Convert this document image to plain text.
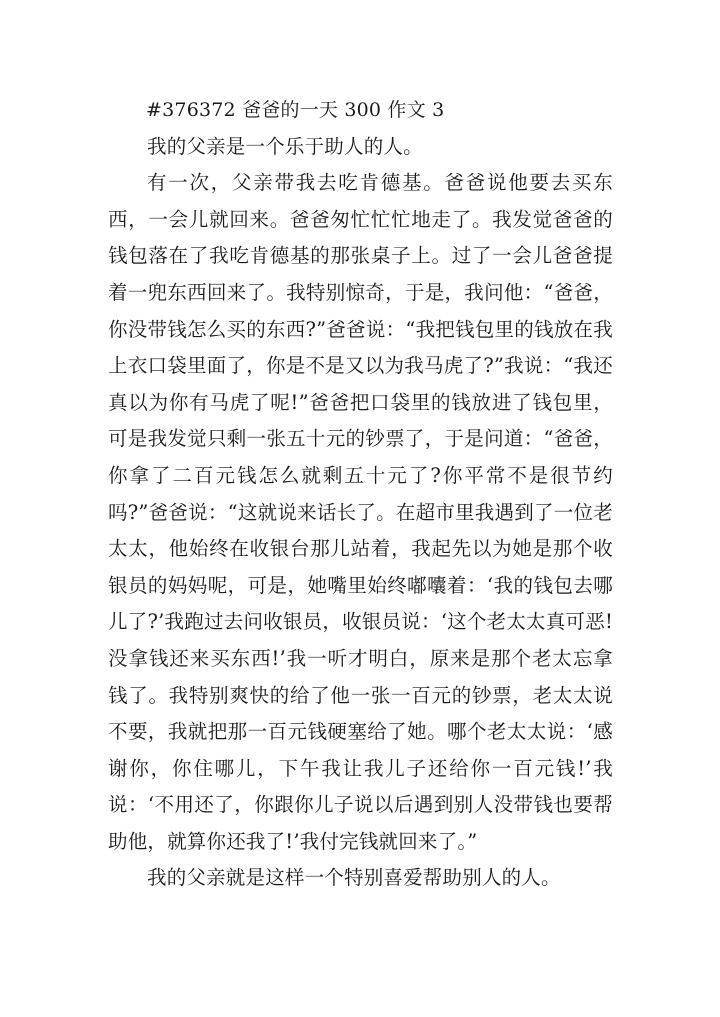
#376372 爸爸的一天 300 作文 3

我的父亲是一个乐于助人的人。

有一次，父亲带我去吃肯德基。爸爸说他要去买东西，一会儿就回来。爸爸匆忙忙忙地走了。我发觉爸爸的钱包落在了我吃肯德基的那张桌子上。过了一会儿爸爸提着一兜东西回来了。我特别惊奇，于是，我问他：“爸爸，你没带钱怎么买的东西?”爸爸说：“我把钱包里的钱放在我上衣口袋里面了，你是不是又以为我马虎了?”我说：“我还真以为你有马虎了呢!”爸爸把口袋里的钱放进了钱包里，可是我发觉只剩一张五十元的钞票了，于是问道：“爸爸，你拿了二百元钱怎么就剩五十元了?你平常不是很节约吗?”爸爸说：“这就说来话长了。在超市里我遇到了一位老太太，他始终在收银台那儿站着，我起先以为她是那个收银员的妈妈呢，可是，她嘴里始终嘟囔着：‘我的钱包去哪儿了?’我跑过去问收银员，收银员说：‘这个老太太真可恶!没拿钱还来买东西!’我一听才明白，原来是那个老太忘拿钱了。我特别爽快的给了他一张一百元的钞票，老太太说不要，我就把那一百元钱硬塞给了她。哪个老太太说：‘感谢你，你住哪儿，下午我让我儿子还给你一百元钱!’我说：‘不用还了，你跟你儿子说以后遇到别人没带钱也要帮助他，就算你还我了!’我付完钱就回来了。”

我的父亲就是这样一个特别喜爱帮助别人的人。
